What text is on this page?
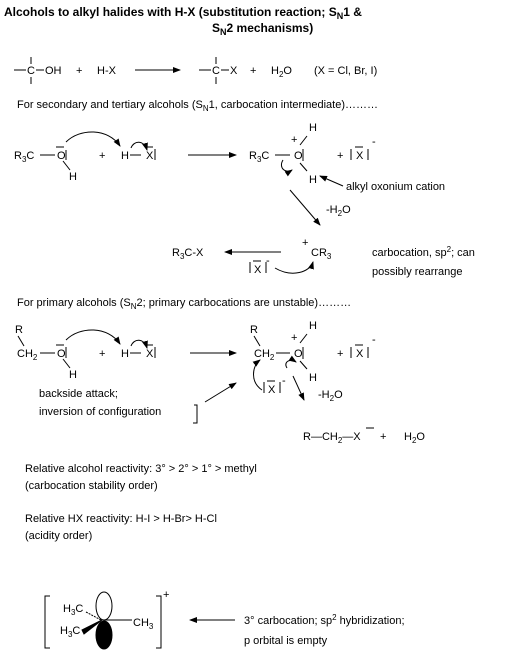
Alcohols to alkyl halides with H-X (substitution reaction; $S_N1$ &
$S_N2$ mechanisms)
C OH + H-X	C $X + H_2O$ (X = Cl, Br, I)
For secondary and tertiary alcohols ($S_N1$, carbocation intermediate)………
$R_3C$ O
H
+ H X	$R_3C$ O
+
H
H
+ X
-
alkyl oxonium cation
$-H_2O$
$R_3C-X$
+
$CR_3$
X
-
carbocation, $sp^2$; can
possibly rearrange
For primary alcohols ($S_N2$; primary carbocations are unstable)………
R
$CH_2$ O
H
+ H X
backside attack;
inversion of configuration
R
$CH_2$ O
+
H
H
+ X
-
X
-
$-H_2O$
$R—CH_2—X + H_2O$
Relative alcohol reactivity: 3° > 2° > 1° > methyl
(carbocation stability order)
Relative HX reactivity: H-I > H-Br> H-Cl
(acidity order)
+
$H_3C$
$H_3C$
$CH_3$	3° carbocation; $sp^2$ hybridization;
p orbital is empty
